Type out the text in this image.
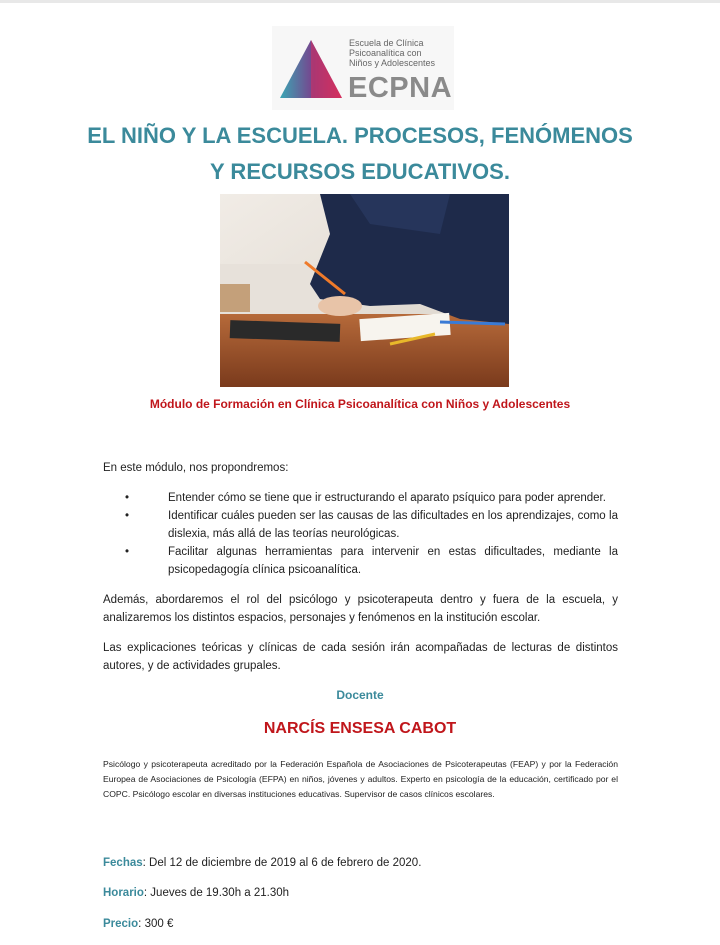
Escuela de Clínica
Psicoanalítica con
Niños y Adolescentes
ECPNA
EL NIÑO Y LA ESCUELA. PROCESOS, FENÓMENOS
Y RECURSOS EDUCATIVOS.
Módulo de Formación en Clínica Psicoanalítica con Niños y Adolescentes
En este módulo, nos propondremos:
• Entender cómo se tiene que ir estructurando el aparato psíquico para poder aprender.
• Identificar cuáles pueden ser las causas de las dificultades en los aprendizajes, como la dislexia, más allá de las teorías neurológicas.
• Facilitar algunas herramientas para intervenir en estas dificultades, mediante la psicopedagogía clínica psicoanalítica.
Además, abordaremos el rol del psicólogo y psicoterapeuta dentro y fuera de la escuela, y analizaremos los distintos espacios, personajes y fenómenos en la institución escolar.
Las explicaciones teóricas y clínicas de cada sesión irán acompañadas de lecturas de distintos autores, y de actividades grupales.
Docente
NARCÍS ENSESA CABOT
Psicólogo y psicoterapeuta acreditado por la Federación Española de Asociaciones de Psicoterapeutas (FEAP) y por la Federación Europea de Asociaciones de Psicología (EFPA) en niños, jóvenes y adultos. Experto en psicología de la educación, certificado por el COPC. Psicólogo escolar en diversas instituciones educativas. Supervisor de casos clínicos escolares.
Fechas: Del 12 de diciembre de 2019 al 6 de febrero de 2020.
Horario: Jueves de 19.30h a 21.30h
Precio: 300 €
